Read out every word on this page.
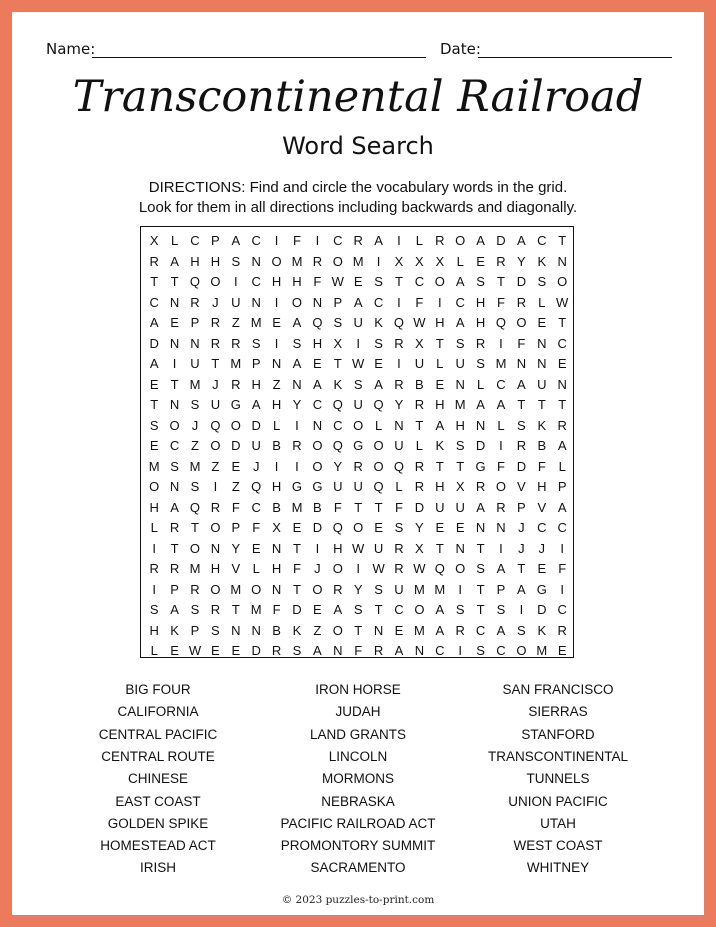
Name:	Date:
Transcontinental Railroad
Word Search
DIRECTIONS: Find and circle the vocabulary words in the grid.
Look for them in all directions including backwards and diagonally.
X L C P A C	I	F	I	C R A	I	L R O A D A C T
R A H H S N O M R O M	I	X X X L E R Y K N
T T Q O	I	C H H F W E S T C O A S T D S O
C N R J U N	I	O N P A C	I	F	I	C H F R L W
A E P R Z M E A Q S U K Q W H A H Q O E T
D N N R R S	I	S H X	I	S R X T S R	I	F N C
A	I	U T M P N A E T W E	I	U L U S M N N E
E T M J R H Z N A K S A R B E N L C A U N
T N S U G A H Y C Q U Q Y R H M A A T T T
S O J Q O D L	I	N C O L N T A H N L S K R
E C Z O D U B R O Q G O U L K S D	I	R B A
M S M Z E J	I	I	O Y R O Q R T T G F D F L
O N S	I	Z Q H G G U U Q L R H X R O V H P
H A Q R F C B M B F T T F D U U A R P V A
L R T O P F X E D Q O E S Y E E N N J C C
I	T O N Y E N T	I	H W U R X T N T	I	J	J	I
R R M H V L H F	J O	I W R W Q O S A T E F
I	P R O M O N T O R Y S U M M	I	T P A G	I
S A S R T M F D E A S T C O A S T S	I	D C
H K P S N N B K Z O T N E M A R C A S K R
L E W E E D R S A N F R A N C	I	S C O M E
BIG FOUR	IRON HORSE	SAN FRANCISCO
CALIFORNIA	JUDAH	SIERRAS
CENTRAL PACIFIC	LAND GRANTS	STANFORD
CENTRAL ROUTE	LINCOLN	TRANSCONTINENTAL
CHINESE	MORMONS	TUNNELS
EAST COAST	NEBRASKA	UNION PACIFIC
GOLDEN SPIKE	PACIFIC RAILROAD ACT	UTAH
HOMESTEAD ACT	PROMONTORY SUMMIT	WEST COAST
IRISH	SACRAMENTO	WHITNEY
© 2023 puzzles-to-print.com
